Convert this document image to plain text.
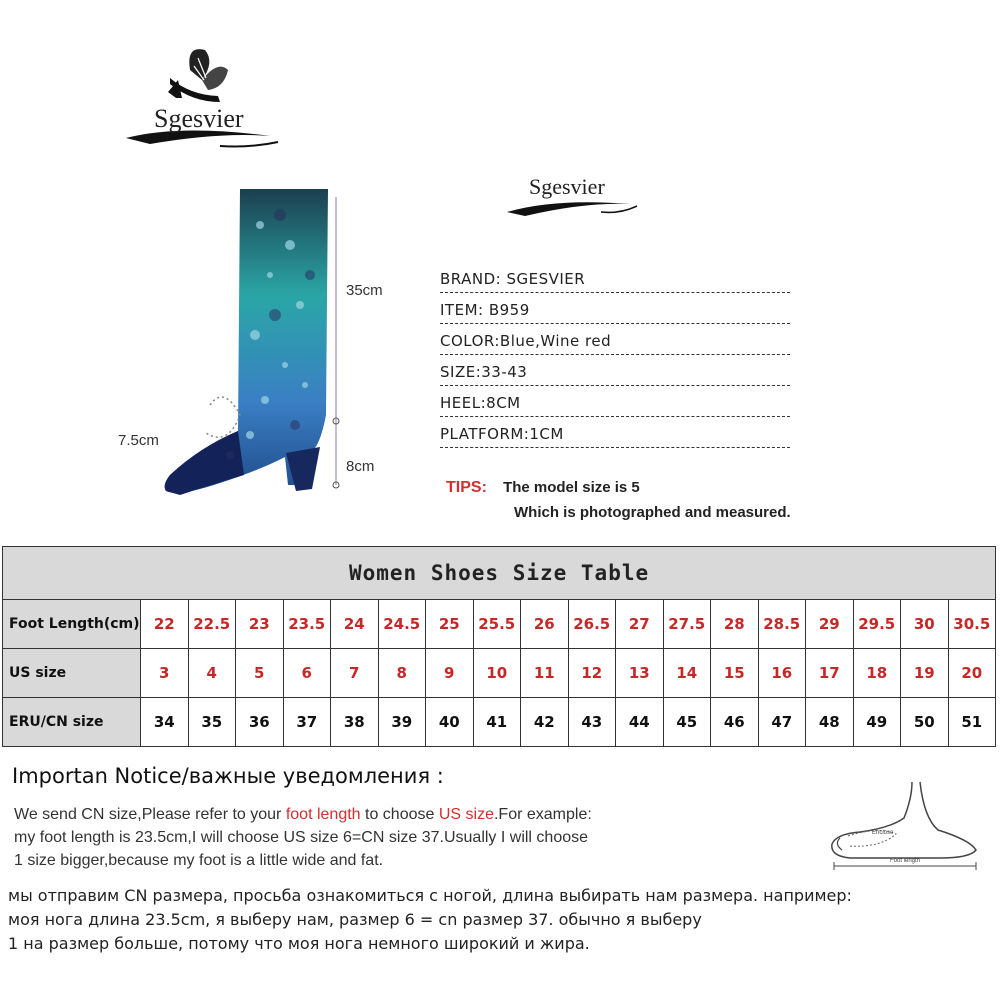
Sgesvier
Sgesvier
35cm
8cm
7.5cm
BRAND: SGESVIER
ITEM: B959
COLOR:Blue,Wine red
SIZE:33-43
HEEL:8CM
PLATFORM:1CM
TIPS: The model size is 5
Which is photographed and measured.
Women Shoes Size Table																		
Foot Length(cm)	22	22.5	23	23.5	24	24.5	25	25.5	26	26.5	27	27.5	28	28.5	29	29.5	30	30.5
US size	3	4	5	6	7	8	9	10	11	12	13	14	15	16	17	18	19	20
ERU/CN size	34	35	36	37	38	39	40	41	42	43	44	45	46	47	48	49	50	51
Importan Notice/важные уведомления :
We send CN size,Please refer to your foot length to choose US size.For example:
my foot length is 23.5cm,I will choose US size 6=CN size 37.Usually I will choose
1 size bigger,because my foot is a little wide and fat.
мы отправим CN размера, просьба ознакомиться с ногой, длина выбирать нам размера. например:
моя нога длина 23.5cm, я выберу нам, размер 6 = cn размер 37. обычно я выберу
1 на размер больше, потому что моя нога немного широкий и жира.
Enclose
Foot length
